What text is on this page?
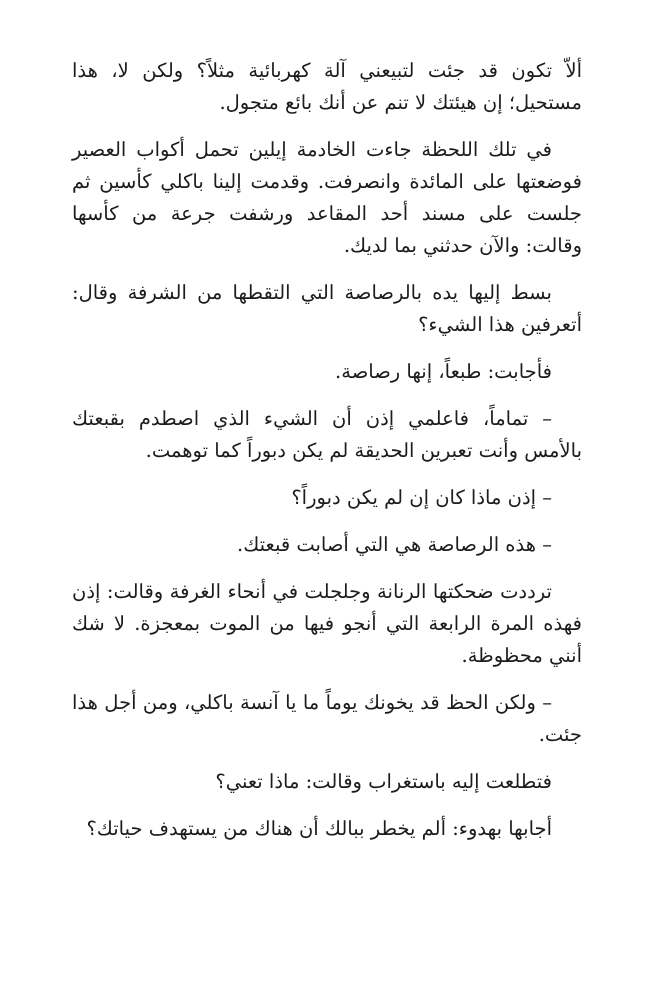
ألاّ تكون قد جئت لتبيعني آلة كهربائية مثلاً؟ ولكن لا، هذا مستحيل؛ إن هيئتك لا تنم عن أنك بائع متجول.

في تلك اللحظة جاءت الخادمة إيلين تحمل أكواب العصير فوضعتها على المائدة وانصرفت. وقدمت إلينا باكلي كأسين ثم جلست على مسند أحد المقاعد ورشفت جرعة من كأسها وقالت: والآن حدثني بما لديك.

بسط إليها يده بالرصاصة التي التقطها من الشرفة وقال: أتعرفين هذا الشيء؟

فأجابت: طبعاً، إنها رصاصة.

– تماماً، فاعلمي إذن أن الشيء الذي اصطدم بقبعتك بالأمس وأنت تعبرين الحديقة لم يكن دبوراً كما توهمت.

– إذن ماذا كان إن لم يكن دبوراً؟

– هذه الرصاصة هي التي أصابت قبعتك.

ترددت ضحكتها الرنانة وجلجلت في أنحاء الغرفة وقالت: إذن فهذه المرة الرابعة التي أنجو فيها من الموت بمعجزة. لا شك أنني محظوظة.

– ولكن الحظ قد يخونك يوماً ما يا آنسة باكلي، ومن أجل هذا جئت.

فتطلعت إليه باستغراب وقالت: ماذا تعني؟

أجابها بهدوء: ألم يخطر ببالك أن هناك من يستهدف حياتك؟
